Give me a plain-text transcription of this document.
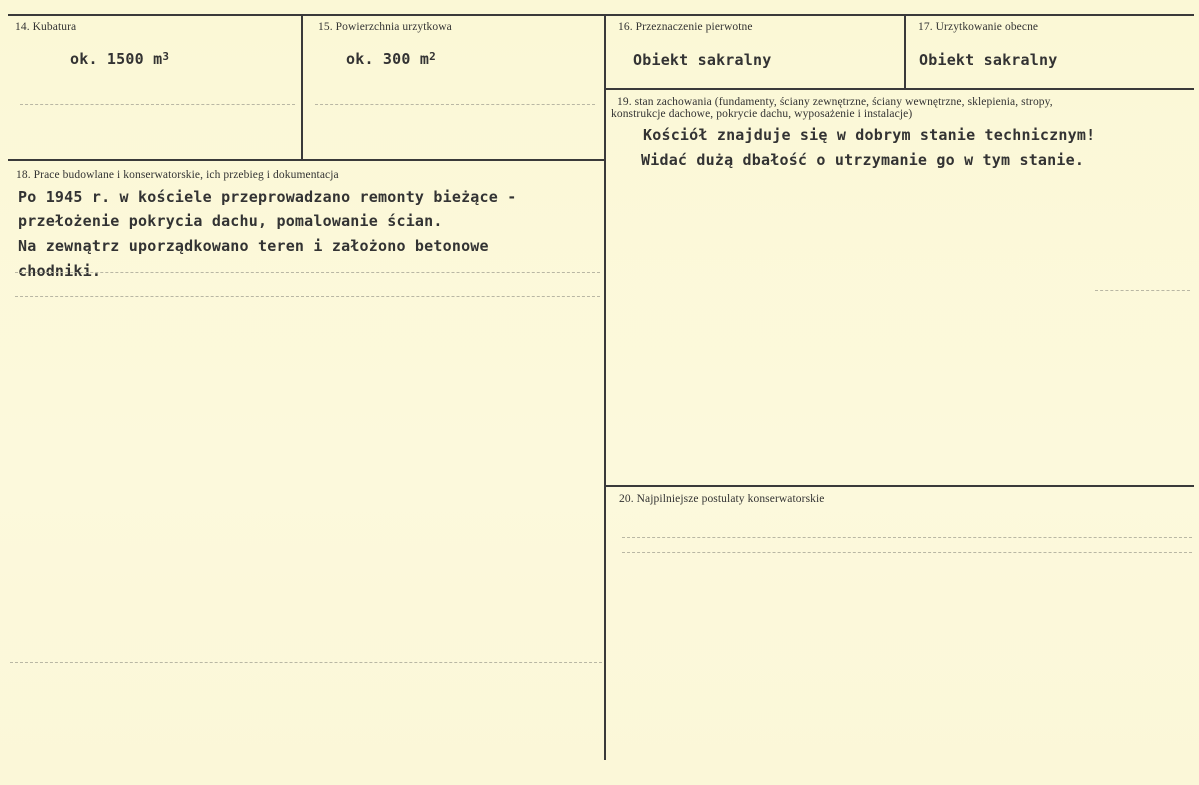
14. Kubatura
ok. 1500 $m^3$
15. Powierzchnia urzytkowa
ok. 300 $m^2$
16. Przeznaczenie pierwotne
Obiekt sakralny
17. Urzytkowanie obecne
Obiekt sakralny
18. Prace budowlane i konserwatorskie, ich przebieg i dokumentacja
Po 1945 r. w kościele przeprowadzano remonty bieżące -
przełożenie pokrycia dachu, pomalowanie ścian.
Na zewnątrz uporządkowano teren i założono betonowe
chodniki.
19. stan zachowania (fundamenty, ściany zewnętrzne, ściany wewnętrzne, sklepienia, stropy,
konstrukcje dachowe, pokrycie dachu, wyposażenie i instalacje)
Kościół znajduje się w dobrym stanie technicznym!
Widać dużą dbałość o utrzymanie go w tym stanie.
20. Najpilniejsze postulaty konserwatorskie
